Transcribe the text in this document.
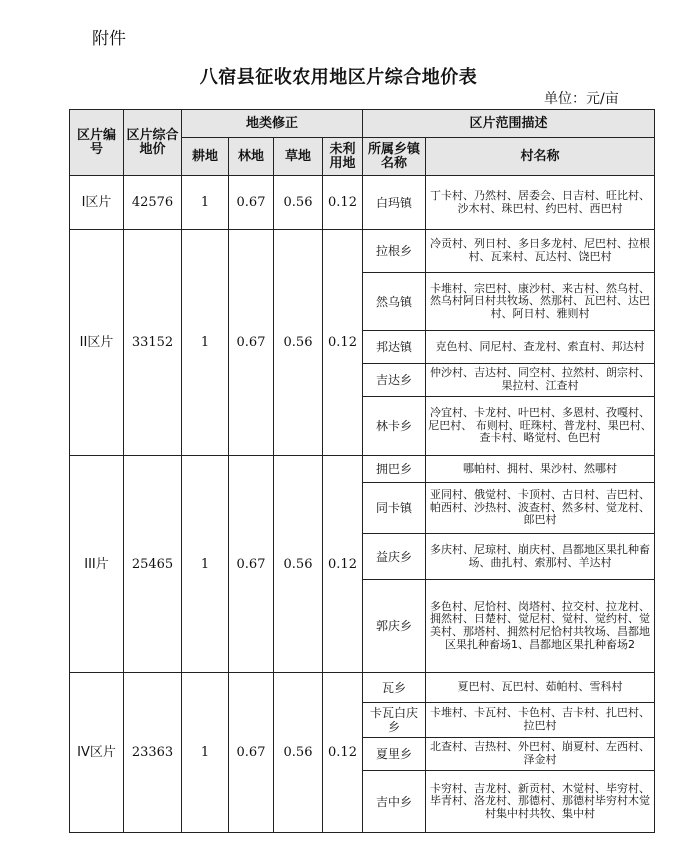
附件
八宿县征收农用地区片综合地价表
单位：元/亩
区片编号	区片综合地价	地类修正				区片范围描述	
		耕地	林地	草地	未利用地	所属乡镇名称	村名称
I区片	42576	1	0.67	0.56	0.12	白玛镇	丁卡村、乃然村、居委会、日吉村、旺比村、沙木村、珠巴村、约巴村、西巴村
II区片	33152	1	0.67	0.56	0.12	拉根乡	冷贡村、列日村、多日多龙村、尼巴村、拉根村、瓦来村、瓦达村、饶巴村
						然乌镇	卡堆村、宗巴村、康沙村、来古村、然乌村、然乌村阿日村共牧场、然那村、瓦巴村、达巴村、阿日村、雅则村
						邦达镇	克色村、同尼村、查龙村、索直村、邦达村
						吉达乡	仲沙村、吉达村、同空村、拉然村、朗宗村、果拉村、江查村
						林卡乡	冷宜村、卡龙村、叶巴村、多恩村、孜嘎村、尼巴村、 布则村、旺珠村、普龙村、果巴村、查卡村、略觉村、色巴村
III片	25465	1	0.67	0.56	0.12	拥巴乡	哪帕村、拥村、果沙村、然哪村
						同卡镇	亚同村、俄觉村、卡顶村、古日村、吉巴村、帕西村、沙热村、波查村、然多村、觉龙村、郎巴村
						益庆乡	多庆村、尼琼村、崩庆村、昌都地区果扎种畜场、曲扎村、索那村、羊达村
						郭庆乡	多色村、尼恰村、岗塔村、拉交村、拉龙村、拥然村、日楚村、觉尼村、觉村、觉约村、觉美村、那塔村、拥然村尼恰村共牧场、昌都地区果扎种畜场1、昌都地区果扎种畜场2
IV区片	23363	1	0.67	0.56	0.12	瓦乡	夏巴村、瓦巴村、茹帕村、雪科村
						卡瓦白庆乡	卡堆村、卡瓦村、卡色村、吉卡村、扎巴村、拉巴村
						夏里乡	北查村、吉热村、外巴村、崩夏村、左西村、泽金村
						吉中乡	卡穷村、吉龙村、新贡村、木觉村、毕穷村、毕青村、洛龙村、那德村、那德村毕穷村木觉村集中村共牧、集中村
